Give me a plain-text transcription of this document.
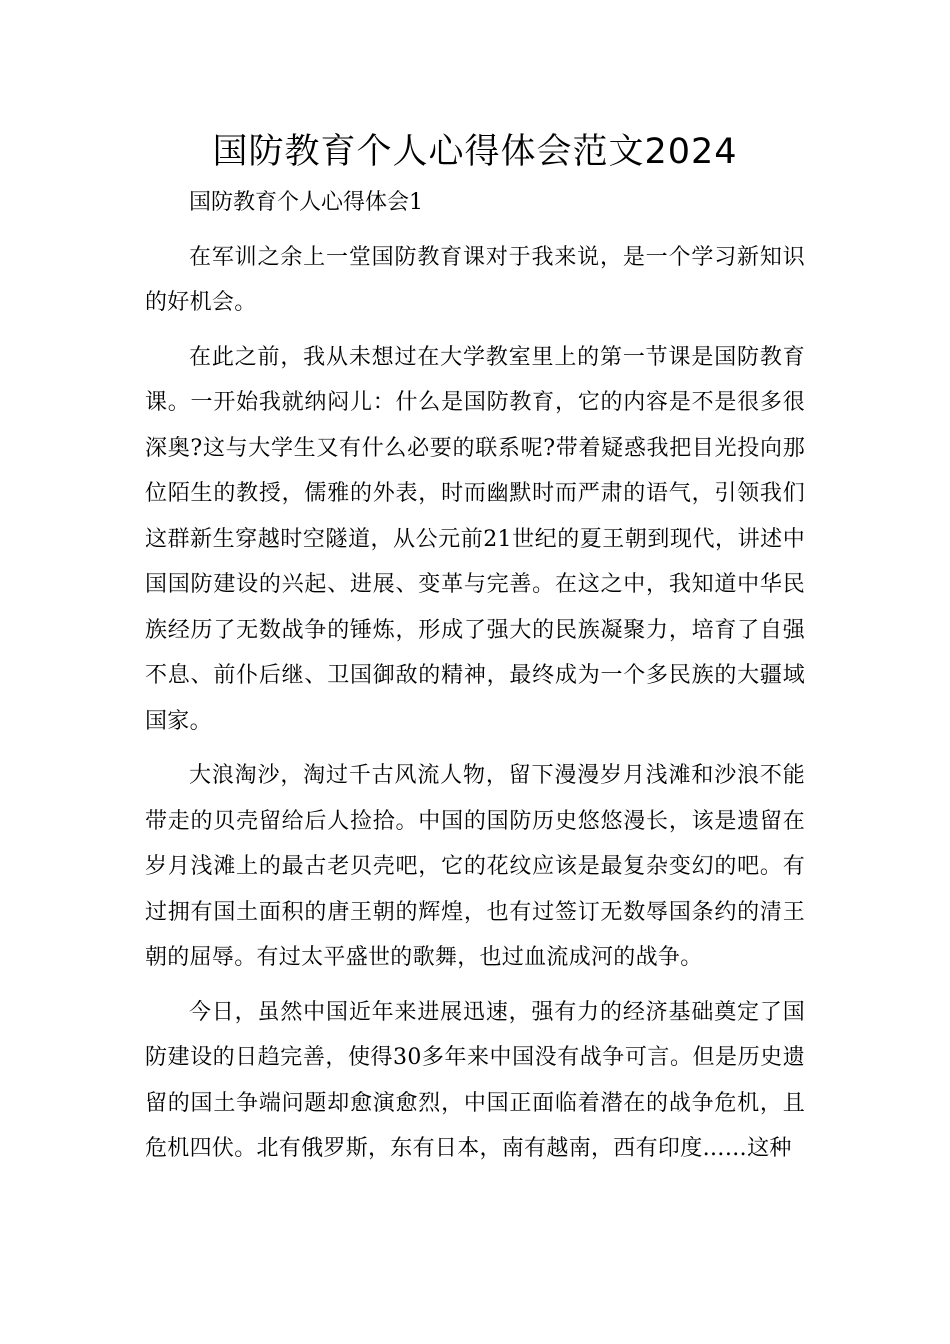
国防教育个人心得体会范文2024

国防教育个人心得体会1

在军训之余上一堂国防教育课对于我来说，是一个学习新知识的好机会。

在此之前，我从未想过在大学教室里上的第一节课是国防教育课。一开始我就纳闷儿：什么是国防教育，它的内容是不是很多很深奥?这与大学生又有什么必要的联系呢?带着疑惑我把目光投向那位陌生的教授，儒雅的外表，时而幽默时而严肃的语气，引领我们这群新生穿越时空隧道，从公元前21世纪的夏王朝到现代，讲述中国国防建设的兴起、进展、变革与完善。在这之中，我知道中华民族经历了无数战争的锤炼，形成了强大的民族凝聚力，培育了自强不息、前仆后继、卫国御敌的精神，最终成为一个多民族的大疆域国家。

大浪淘沙，淘过千古风流人物，留下漫漫岁月浅滩和沙浪不能带走的贝壳留给后人捡拾。中国的国防历史悠悠漫长，该是遗留在岁月浅滩上的最古老贝壳吧，它的花纹应该是最复杂变幻的吧。有过拥有国土面积的唐王朝的辉煌，也有过签订无数辱国条约的清王朝的屈辱。有过太平盛世的歌舞，也过血流成河的战争。

今日，虽然中国近年来进展迅速，强有力的经济基础奠定了国防建设的日趋完善，使得30多年来中国没有战争可言。但是历史遗留的国土争端问题却愈演愈烈，中国正面临着潜在的战争危机，且危机四伏。北有俄罗斯，东有日本，南有越南，西有印度……这种
